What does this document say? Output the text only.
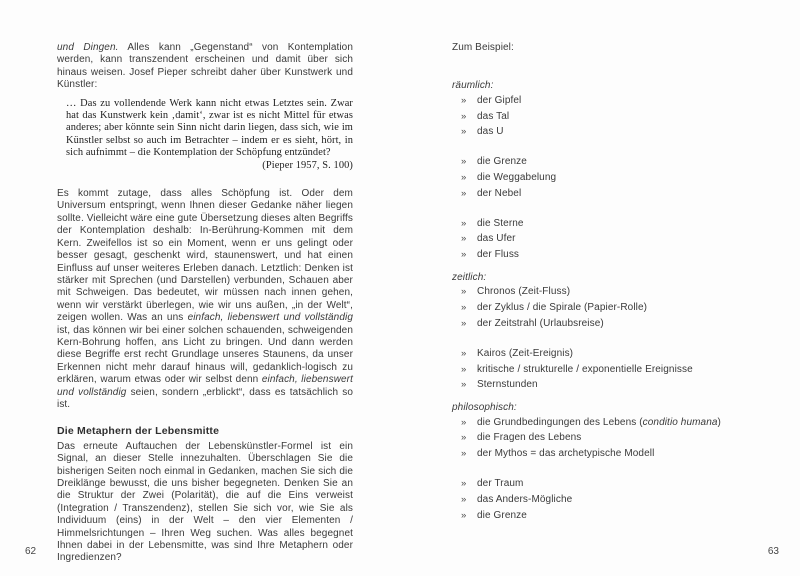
und Dingen. Alles kann „Gegenstand“ von Kontemplation werden, kann transzendent erscheinen und damit über sich hinaus weisen. Josef Pieper schreibt daher über Kunstwerk und Künstler:

… Das zu vollendende Werk kann nicht etwas Letztes sein. Zwar hat das Kunstwerk kein ‚damit‘, zwar ist es nicht Mittel für etwas anderes; aber könnte sein Sinn nicht darin liegen, dass sich, wie im Künstler selbst so auch im Betrachter – indem er es sieht, hört, in sich aufnimmt – die Kontemplation der Schöpfung entzündet?

(Pieper 1957, S. 100)

Es kommt zutage, dass alles Schöpfung ist. Oder dem Universum entspringt, wenn Ihnen dieser Gedanke näher liegen sollte. Vielleicht wäre eine gute Übersetzung dieses alten Begriffs der Kontemplation deshalb: In-Berührung-Kommen mit dem Kern. Zweifellos ist so ein Moment, wenn er uns gelingt oder besser gesagt, geschenkt wird, staunenswert, und hat einen Einfluss auf unser weiteres Erleben danach. Letztlich: Denken ist stärker mit Sprechen (und Darstellen) verbunden, Schauen aber mit Schweigen. Das bedeutet, wir müssen nach innen gehen, wenn wir verstärkt überlegen, wie wir uns außen, „in der Welt“, zeigen wollen. Was an uns einfach, liebenswert und vollständig ist, das können wir bei einer solchen schauenden, schweigenden Kern-Bohrung hoffen, ans Licht zu bringen. Und dann werden diese Begriffe erst recht Grundlage unseres Staunens, da unser Erkennen nicht mehr darauf hinaus will, gedanklich-logisch zu erklären, warum etwas oder wir selbst denn einfach, liebenswert und vollständig seien, sondern „erblickt“, dass es tatsächlich so ist.

Die Metaphern der Lebensmitte

Das erneute Auftauchen der Lebenskünstler-Formel ist ein Signal, an dieser Stelle innezuhalten. Überschlagen Sie die bisherigen Seiten noch einmal in Gedanken, machen Sie sich die Dreiklänge bewusst, die uns bisher begegneten. Denken Sie an die Struktur der Zwei (Polarität), die auf die Eins verweist (Integration / Transzendenz), stellen Sie sich vor, wie Sie als Individuum (eins) in der Welt – den vier Elementen / Himmelsrichtungen – Ihren Weg suchen. Was alles begegnet Ihnen dabei in der Lebensmitte, was sind Ihre Metaphern oder Ingredienzen?

62

Zum Beispiel:

räumlich:

»	der Gipfel
»	das Tal
»	das U
»	die Grenze
»	die Weggabelung
»	der Nebel
»	die Sterne
»	das Ufer
»	der Fluss

zeitlich:

»	Chronos (Zeit-Fluss)
»	der Zyklus / die Spirale (Papier-Rolle)
»	der Zeitstrahl (Urlaubsreise)
»	Kairos (Zeit-Ereignis)
»	kritische / strukturelle / exponentielle Ereignisse
»	Sternstunden

philosophisch:

»	die Grundbedingungen des Lebens (conditio humana)
»	die Fragen des Lebens
»	der Mythos = das archetypische Modell
»	der Traum
»	das Anders-Mögliche
»	die Grenze
63
